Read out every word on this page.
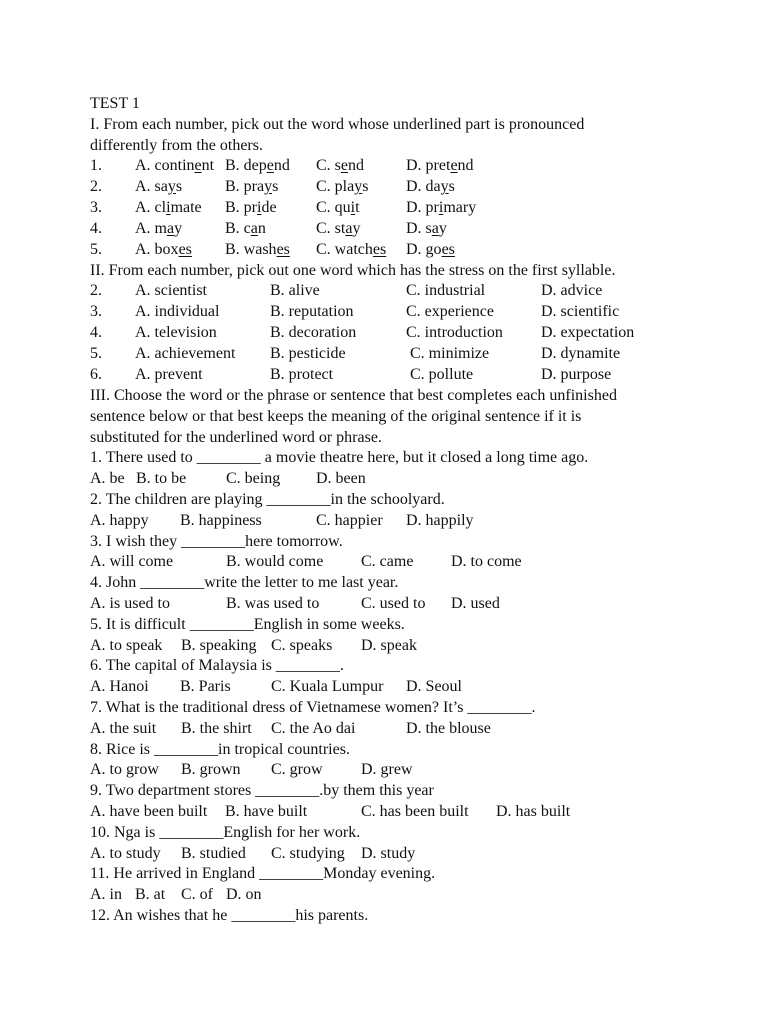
TEST 1
I. From each number, pick out the word whose underlined part is pronounced
differently from the others.
1. A. continent B. depend C. send	D. pretend
2. A. says	B. prays C. plays D. days
3. A. climate B. pride C. quit	D. primary
4. A. may	B. can	C. stay	D. say
5. A. boxes B. washes C. watches D. goes
II. From each number, pick out one word which has the stress on the first syllable.
2. A. scientist	B. alive	C. industrial	D. advice
3. A. individual	B. reputation	C. experience	D. scientific
4. A. television	B. decoration	C. introduction D. expectation
5. A. achievement B. pesticide	C. minimize	D. dynamite
6. A. prevent	B. protect	C. pollute	D. purpose
III. Choose the word or the phrase or sentence that best completes each unfinished
sentence below or that best keeps the meaning of the original sentence if it is
substituted for the underlined word or phrase.
1. There used to ________ a movie theatre here, but it closed a long time ago.
A. be B. to be C. being D. been
2. The children are playing ________in the schoolyard.
A. happy B. happiness	C. happier D. happily
3. I wish they ________here tomorrow.
A. will come	B. would come C. came D. to come
4. John ________write the letter to me last year.
A. is used to	B. was used to	C. used to D. used
5. It is difficult ________English in some weeks.
A. to speak B. speaking C. speaks D. speak
6. The capital of Malaysia is ________.
A. Hanoi B. Paris	C. Kuala Lumpur D. Seoul
7. What is the traditional dress of Vietnamese women? It’s ________.
A. the suit B. the shirt C. the Ao dai	D. the blouse
8. Rice is ________in tropical countries.
A. to grow B. grown C. grow D. grew
9. Two department stores ________.by them this year
A. have been built B. have built	C. has been built D. has built
10. Nga is ________English for her work.
A. to study B. studied C. studying D. study
11. He arrived in England ________Monday evening.
A. in B. at C. of D. on
12. An wishes that he ________his parents.
